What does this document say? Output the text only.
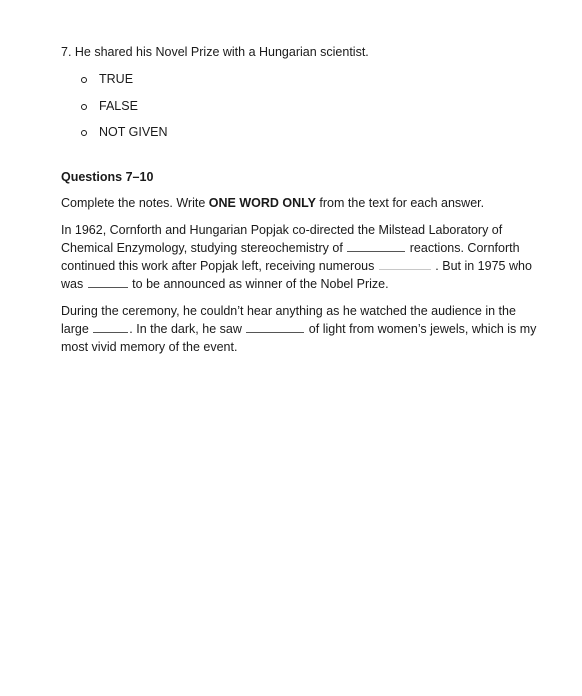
7. He shared his Novel Prize with a Hungarian scientist.

TRUE
FALSE
NOT GIVEN

Questions 7–10

Complete the notes. Write ONE WORD ONLY from the text for each answer.

In 1962, Cornforth and Hungarian Popjak co-directed the Milstead Laboratory of Chemical Enzymology, studying stereochemistry of	reactions. Cornforth continued this work after Popjak left, receiving numerous	. But in 1975 who was	to be announced as winner of the Nobel Prize.

During the ceremony, he couldn’t hear anything as he watched the audience in the large	. In the dark, he saw	of light from women’s jewels, which is my most vivid memory of the event.
